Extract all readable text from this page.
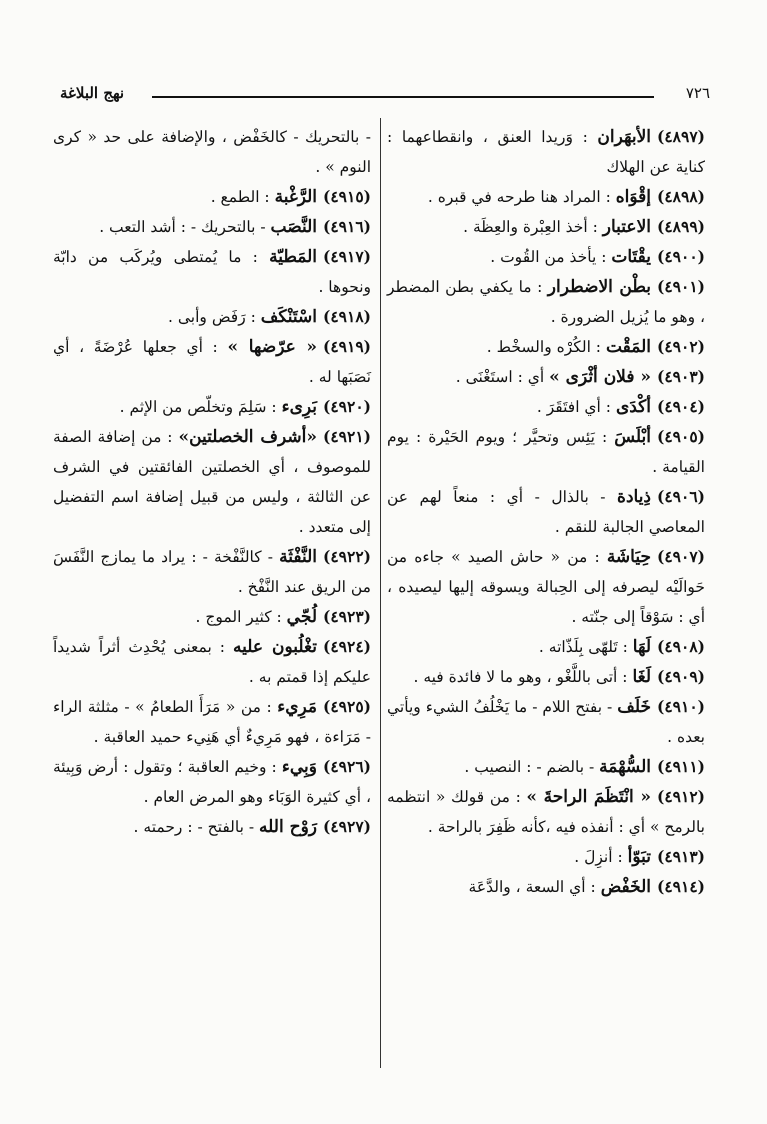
نهج البلاغة	٧٢٦

(٤٨٩٧)الأبهَران : وَريدا العنق ، وانقطاعهما : كناية عن الهلاك

(٤٨٩٨)إقْوَاه : المراد هنا طرحه في قبره .

(٤٨٩٩)الاعتبار : أخذ العِبْرة والعِظَة .

(٤٩٠٠)يقْتَات : يأخذ من القُوت .

(٤٩٠١)بطْن الاضطرار : ما يكفي بطن المضطر ، وهو ما يُزيل الضرورة .

(٤٩٠٢)المَقْت : الكُرْه والسخْط .

(٤٩٠٣)« فلان أثْرَى » أي : استَغْنَى .

(٤٩٠٤)أكْدَى : أي افتَقَرَ .

(٤٩٠٥)أبْلَسَ : يَئِس وتحيَّر ؛ ويوم الحَيْرة : يوم القيامة .

(٤٩٠٦)ذِيادة - بالذال - أي : منعاً لهم عن المعاصي الجالبة للنقم .

(٤٩٠٧)حِيَاشَة : من « حاش الصيد » جاءه من حَوالَيْه ليصرفه إلى الحِبالة ويسوقه إليها ليصيده ، أي : سَوْقاً إلى جنّته .

(٤٩٠٨)لَهَا : تَلهّى بِلَذّاته .

(٤٩٠٩)لَغَا : أتى باللَّغْو ، وهو ما لا فائدة فيه .

(٤٩١٠)خَلَف - بفتح اللام - ما يَخْلُفُ الشيء ويأتي بعده .

(٤٩١١)السُّهْمَة - بالضم - : النصيب .

(٤٩١٢)« انْتَظَمَ الراحةَ » : من قولك « انتظمه بالرمح » أي : أنفذه فيه ،كأنه ظَفِرَ بالراحة .

(٤٩١٣)تبَوّأ : أنزِلَ .

(٤٩١٤)الخَفْض : أي السعة ، والدَّعَة

- بالتحريك - كالخَفْض ، والإضافة على حد « كرى النوم » .

(٤٩١٥)الرَّغْبة : الطمع .

(٤٩١٦)النَّصَب - بالتحريك - : أشد التعب .

(٤٩١٧)المَطيّة : ما يُمتطى ويُركَب من دابّة ونحوها .

(٤٩١٨)اسْتَنْكَف : رَفَض وأبى .

(٤٩١٩)« عرّضها » : أي جعلها عُرْضَةً ، أي نَصَبَها له .

(٤٩٢٠)بَرِىء : سَلِمَ وتخلّص من الإثم .

(٤٩٢١)«أشرف الخصلتين» : من إضافة الصفة للموصوف ، أي الخصلتين الفائقتين في الشرف عن الثالثة ، وليس من قبيل إضافة اسم التفضيل إلى متعدد .

(٤٩٢٢)النَّفْثَة - كالنَّفْخة - : يراد ما يمازج النَّفَسَ من الريق عند النَّفْخ .

(٤٩٢٣)لُجّي : كثير الموج .

(٤٩٢٤)تغْلُبون عليه : بمعنى يُحْدِث أثراً شديداً عليكم إذا قمتم به .

(٤٩٢٥)مَرِيء : من « مَرَأَ الطعامُ » - مثلثة الراء - مَرَاءة ، فهو مَرِيءٌ أي هَنِيء حميد العاقبة .

(٤٩٢٦)وَبِيء : وخيم العاقبة ؛ وتقول : أرض وَبِيئة ، أي كثيرة الوَبَاء وهو المرض العام .

(٤٩٢٧)رَوْح الله - بالفتح - : رحمته .
